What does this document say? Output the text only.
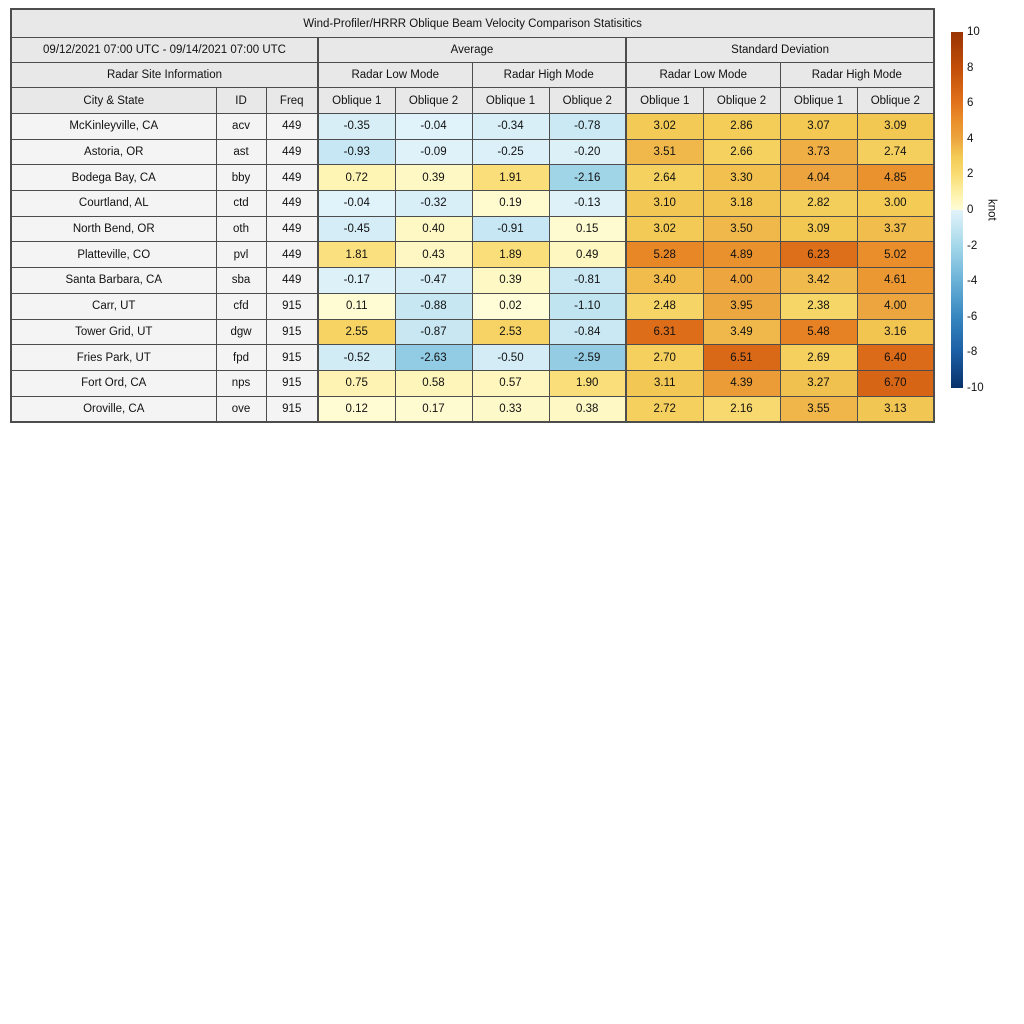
Wind-Profiler/HRRR Oblique Beam Velocity Comparison Statisitics										
09/12/2021 07:00 UTC - 09/14/2021 07:00 UTC			Average				Standard Deviation			
Radar Site Information			Radar Low Mode		Radar High Mode		Radar Low Mode		Radar High Mode	
City & State	ID	Freq	Oblique 1	Oblique 2	Oblique 1	Oblique 2	Oblique 1	Oblique 2	Oblique 1	Oblique 2
McKinleyville, CA	acv	449	-0.35	-0.04	-0.34	-0.78	3.02	2.86	3.07	3.09
Astoria, OR	ast	449	-0.93	-0.09	-0.25	-0.20	3.51	2.66	3.73	2.74
Bodega Bay, CA	bby	449	0.72	0.39	1.91	-2.16	2.64	3.30	4.04	4.85
Courtland, AL	ctd	449	-0.04	-0.32	0.19	-0.13	3.10	3.18	2.82	3.00
North Bend, OR	oth	449	-0.45	0.40	-0.91	0.15	3.02	3.50	3.09	3.37
Platteville, CO	pvl	449	1.81	0.43	1.89	0.49	5.28	4.89	6.23	5.02
Santa Barbara, CA	sba	449	-0.17	-0.47	0.39	-0.81	3.40	4.00	3.42	4.61
Carr, UT	cfd	915	0.11	-0.88	0.02	-1.10	2.48	3.95	2.38	4.00
Tower Grid, UT	dgw	915	2.55	-0.87	2.53	-0.84	6.31	3.49	5.48	3.16
Fries Park, UT	fpd	915	-0.52	-2.63	-0.50	-2.59	2.70	6.51	2.69	6.40
Fort Ord, CA	nps	915	0.75	0.58	0.57	1.90	3.11	4.39	3.27	6.70
Oroville, CA	ove	915	0.12	0.17	0.33	0.38	2.72	2.16	3.55	3.13
10
8
6
4
2
0
-2
-4
-6
-8
-10
knot
